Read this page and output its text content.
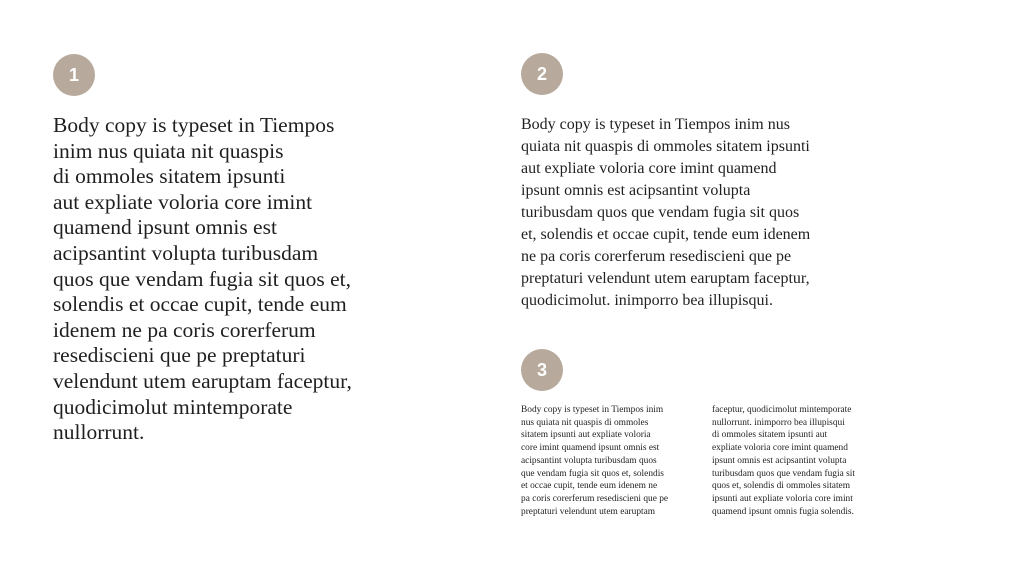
1

Body copy is typeset in Tiempos
inim nus quiata nit quaspis
di ommoles sitatem ipsunti
aut expliate voloria core imint
quamend ipsunt omnis est
acipsantint volupta turibusdam
quos que vendam fugia sit quos et,
solendis et occae cupit, tende eum
idenem ne pa coris corerferum
resediscieni que pe preptaturi
velendunt utem earuptam faceptur,
quodicimolut mintemporate
nullorrunt.

2

Body copy is typeset in Tiempos inim nus
quiata nit quaspis di ommoles sitatem ipsunti
aut expliate voloria core imint quamend
ipsunt omnis est acipsantint volupta
turibusdam quos que vendam fugia sit quos
et, solendis et occae cupit, tende eum idenem
ne pa coris corerferum resediscieni que pe
preptaturi velendunt utem earuptam faceptur,
quodicimolut. inimporro bea illupisqui.

3

Body copy is typeset in Tiempos inim
nus quiata nit quaspis di ommoles
sitatem ipsunti aut expliate voloria
core imint quamend ipsunt omnis est
acipsantint volupta turibusdam quos
que vendam fugia sit quos et, solendis
et occae cupit, tende eum idenem ne
pa coris corerferum resediscieni que pe
preptaturi velendunt utem earuptam

faceptur, quodicimolut mintemporate
nullorrunt. inimporro bea illupisqui
di ommoles sitatem ipsunti aut
expliate voloria core imint quamend
ipsunt omnis est acipsantint volupta
turibusdam quos que vendam fugia sit
quos et, solendis di ommoles sitatem
ipsunti aut expliate voloria core imint
quamend ipsunt omnis fugia solendis.
